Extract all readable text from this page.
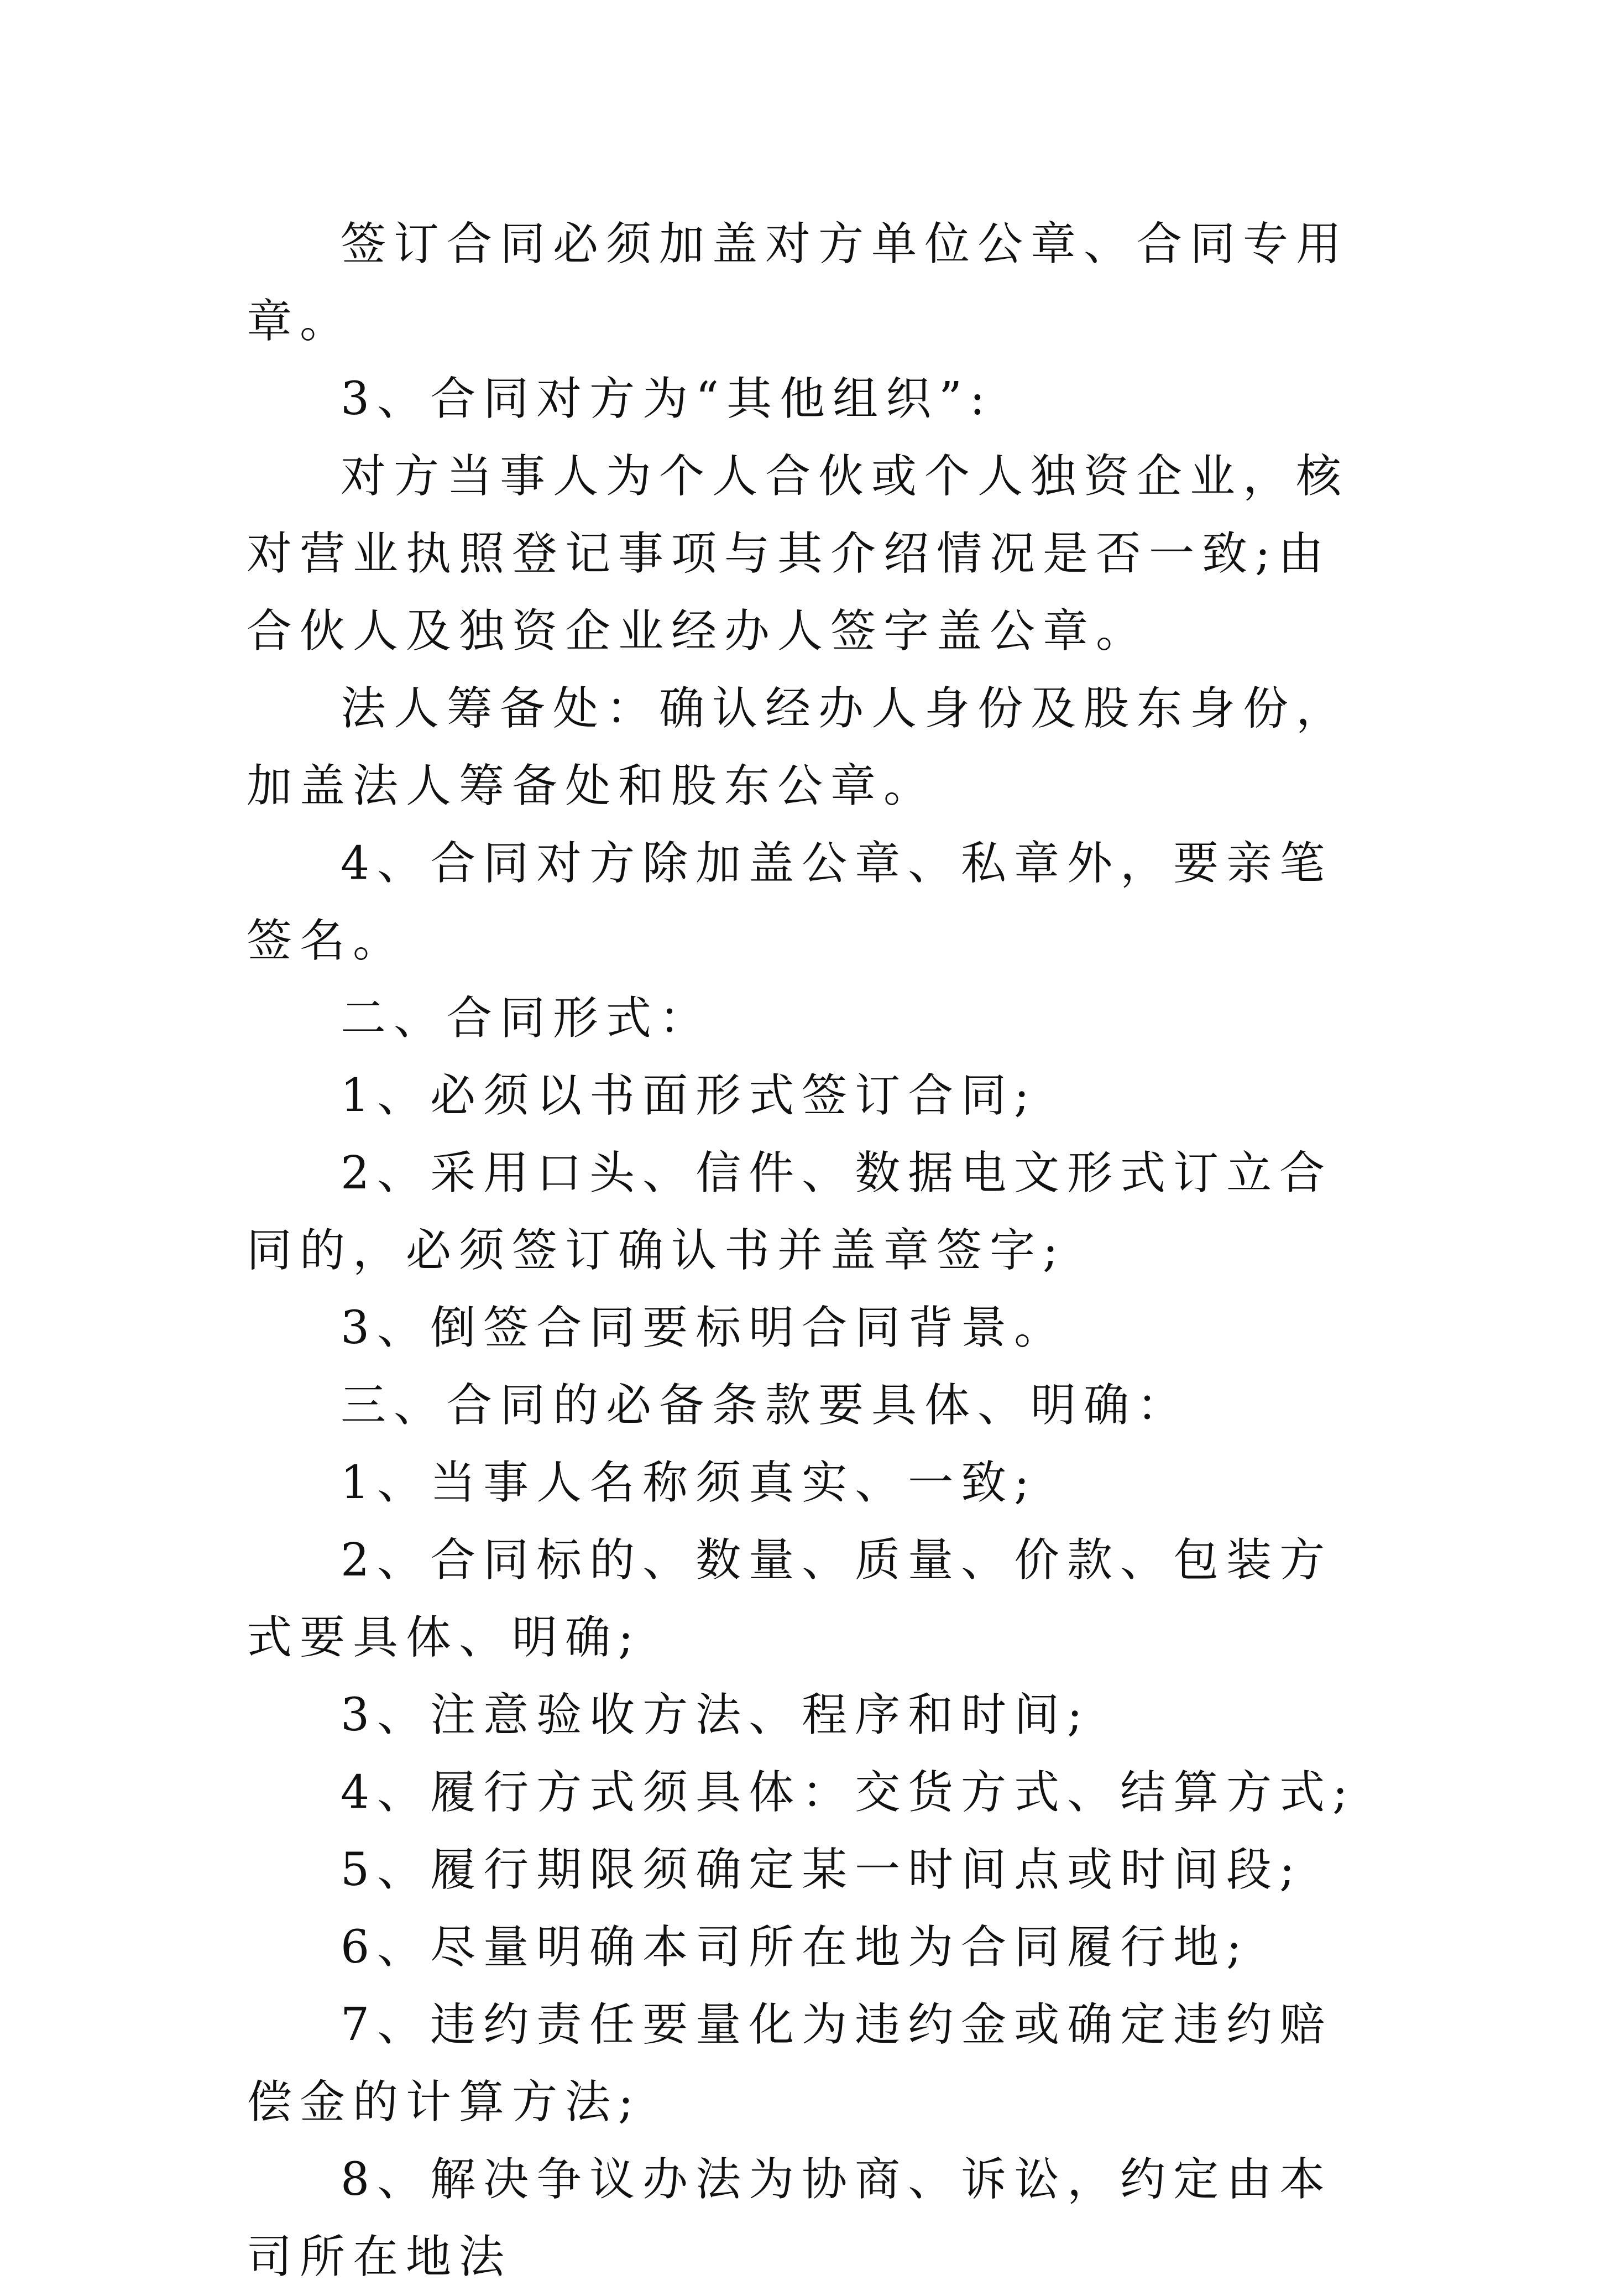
签订合同必须加盖对方单位公章、合同专用章。

3、合同对方为“其他组织”:

对方当事人为个人合伙或个人独资企业，核对营业执照登记事项与其介绍情况是否一致;由合伙人及独资企业经办人签字盖公章。

法人筹备处：确认经办人身份及股东身份，加盖法人筹备处和股东公章。

4、合同对方除加盖公章、私章外，要亲笔签名。

二、合同形式：

1、必须以书面形式签订合同;

2、采用口头、信件、数据电文形式订立合同的，必须签订确认书并盖章签字;

3、倒签合同要标明合同背景。

三、合同的必备条款要具体、明确：

1、当事人名称须真实、一致;

2、合同标的、数量、质量、价款、包装方式要具体、明确;

3、注意验收方法、程序和时间;

4、履行方式须具体：交货方式、结算方式;

5、履行期限须确定某一时间点或时间段;

6、尽量明确本司所在地为合同履行地;

7、违约责任要量化为违约金或确定违约赔偿金的计算方法;

8、解决争议办法为协商、诉讼，约定由本司所在地法
